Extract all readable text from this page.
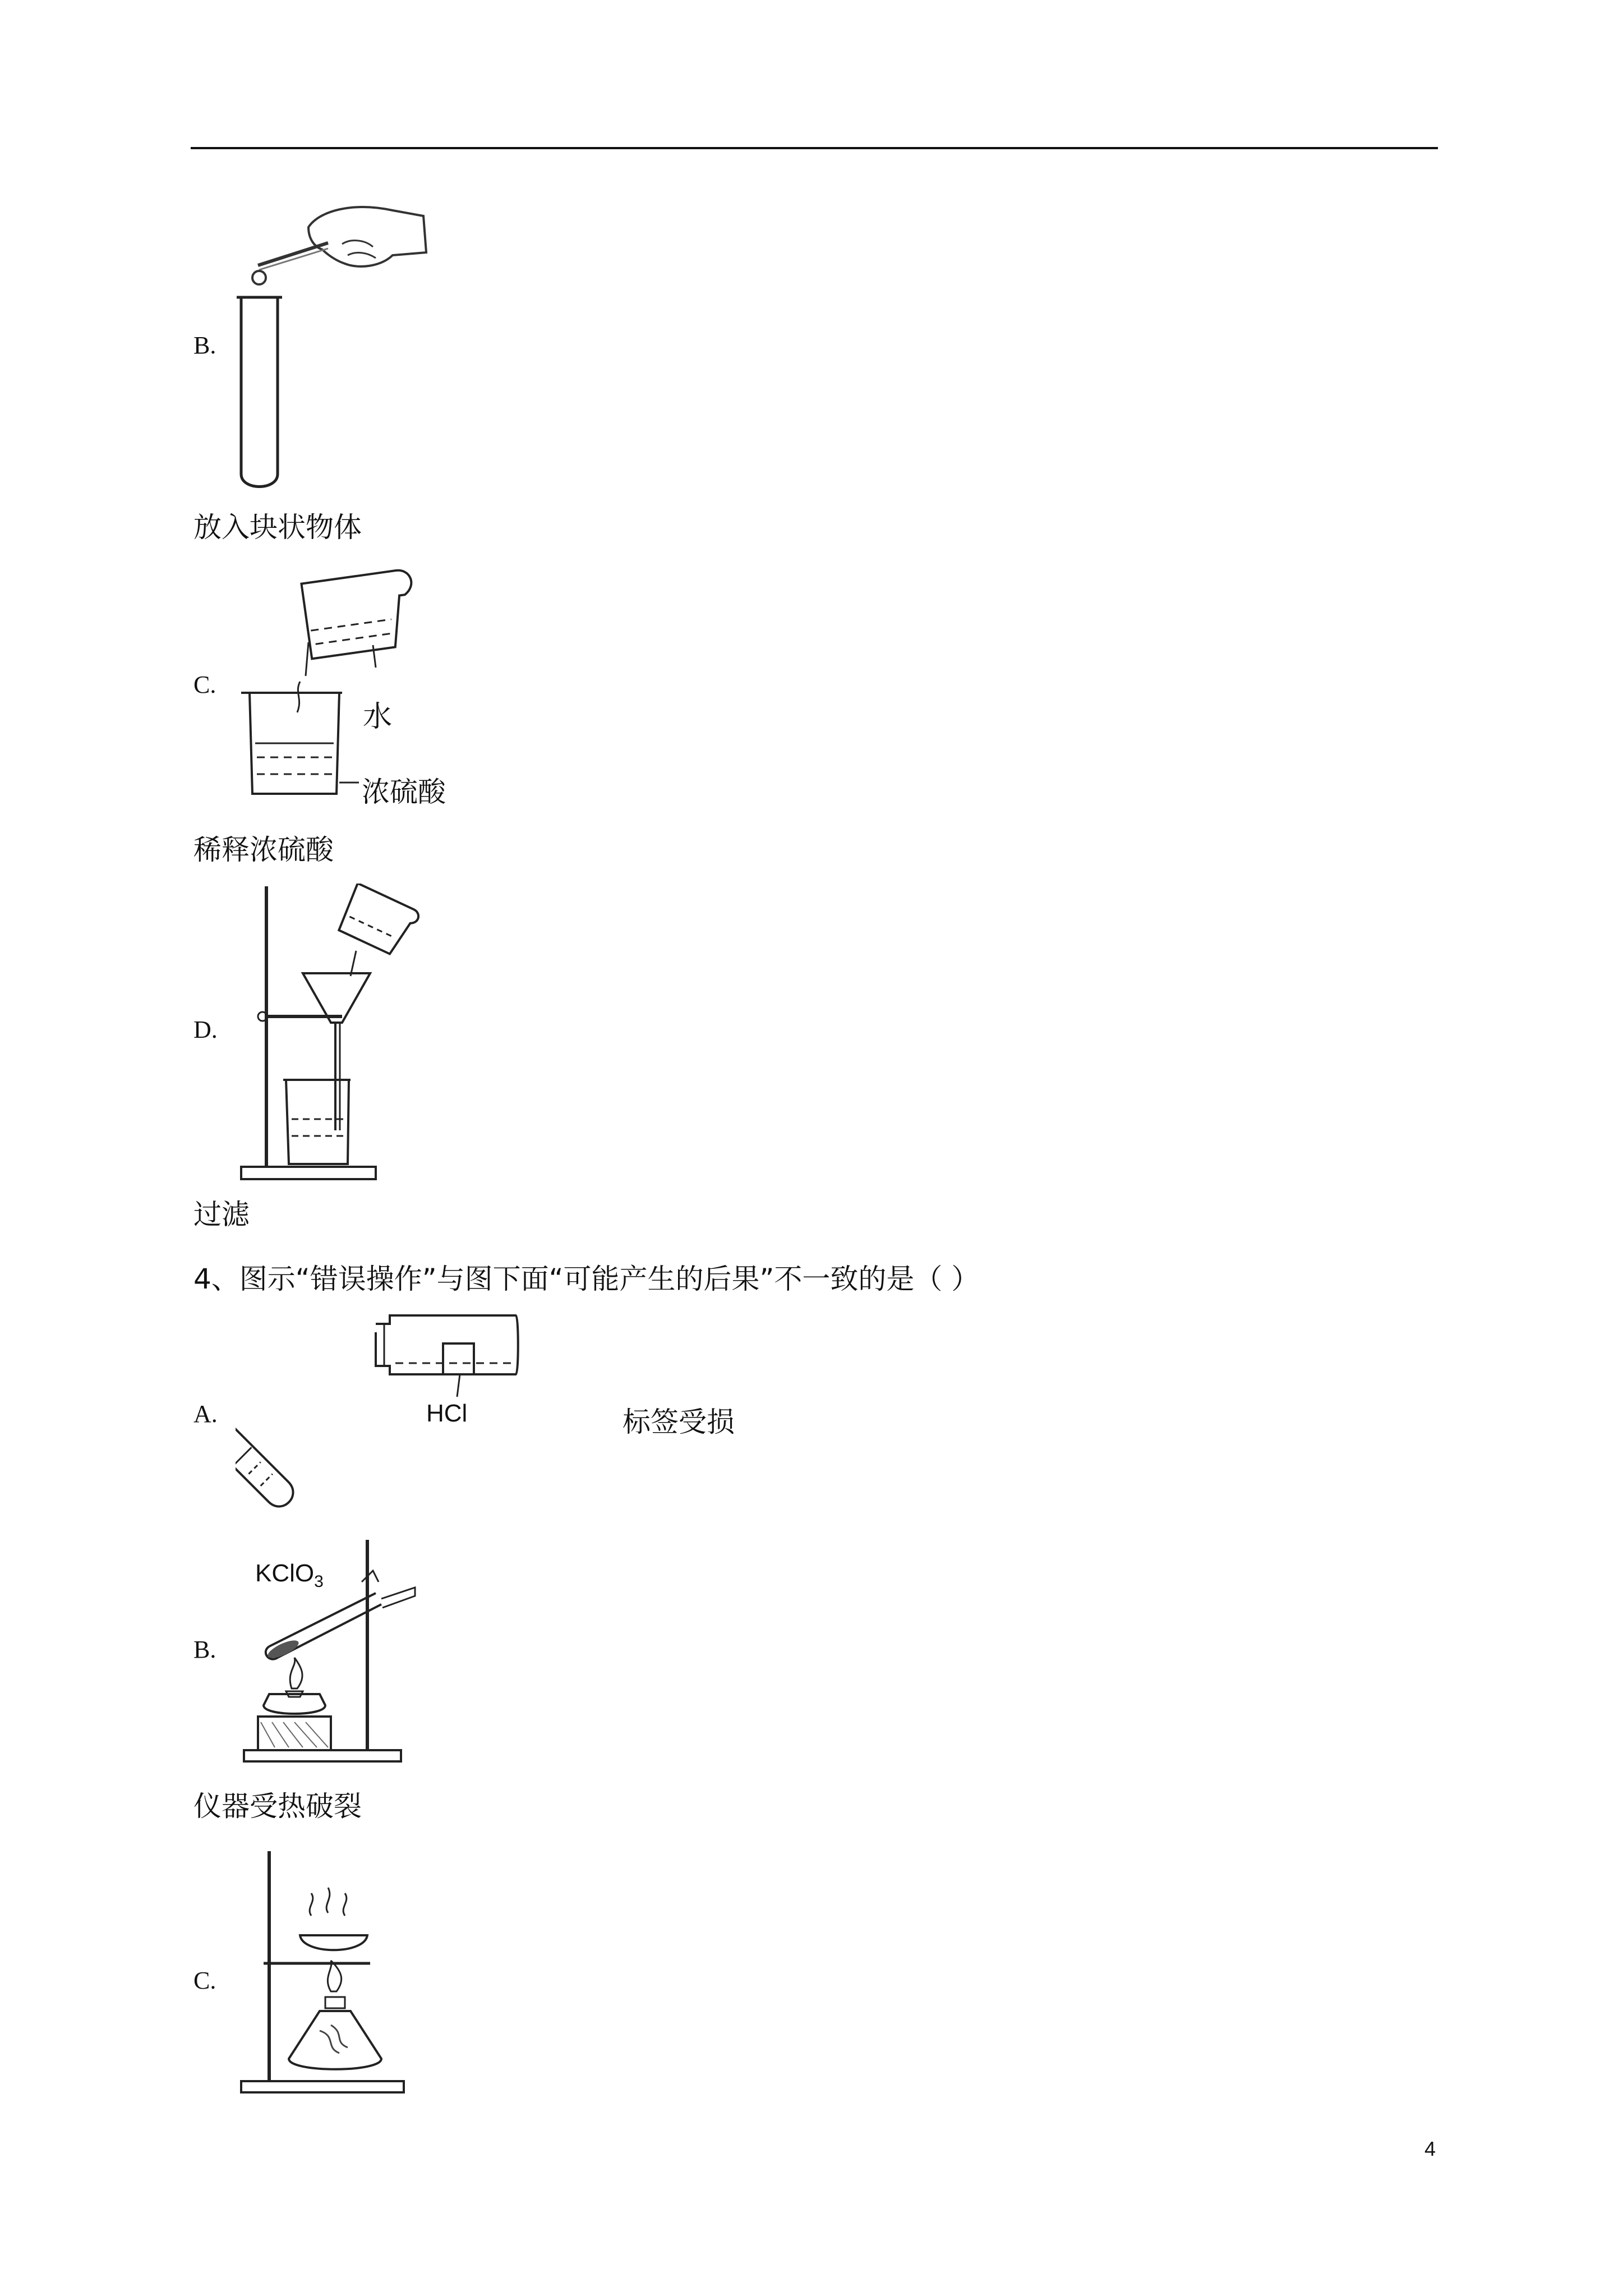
B.
放入块状物体
C.
水
浓硫酸
稀释浓硫酸
D.
过滤
4、图示“错误操作”与图下面“可能产生的后果”不一致的是（ ）
A.	HCl	标签受损
B.
KClO$_3$
仪器受热破裂
C.
4
